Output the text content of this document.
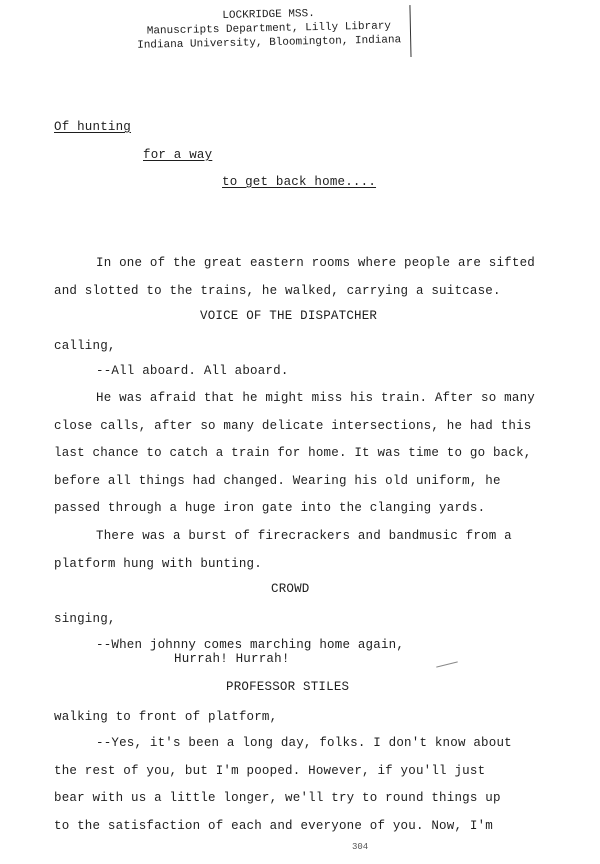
LOCKRIDGE MSS.
Manuscripts Department, Lilly Library
Indiana University, Bloomington, Indiana
Of hunting
for a way
to get back home....
In one of the great eastern rooms where people are sifted
and slotted to the trains, he walked, carrying a suitcase.
VOICE OF THE DISPATCHER
calling,
--All aboard. All aboard.
He was afraid that he might miss his train. After so many
close calls, after so many delicate intersections, he had this
last chance to catch a train for home. It was time to go back,
before all things had changed. Wearing his old uniform, he
passed through a huge iron gate into the clanging yards.
There was a burst of firecrackers and bandmusic from a
platform hung with bunting.
CROWD
singing,
--When johnny comes marching home again,
Hurrah! Hurrah!
PROFESSOR STILES
walking to front of platform,
--Yes, it's been a long day, folks. I don't know about
the rest of you, but I'm pooped. However, if you'll just
bear with us a little longer, we'll try to round things up
to the satisfaction of each and everyone of you. Now, I'm
304
